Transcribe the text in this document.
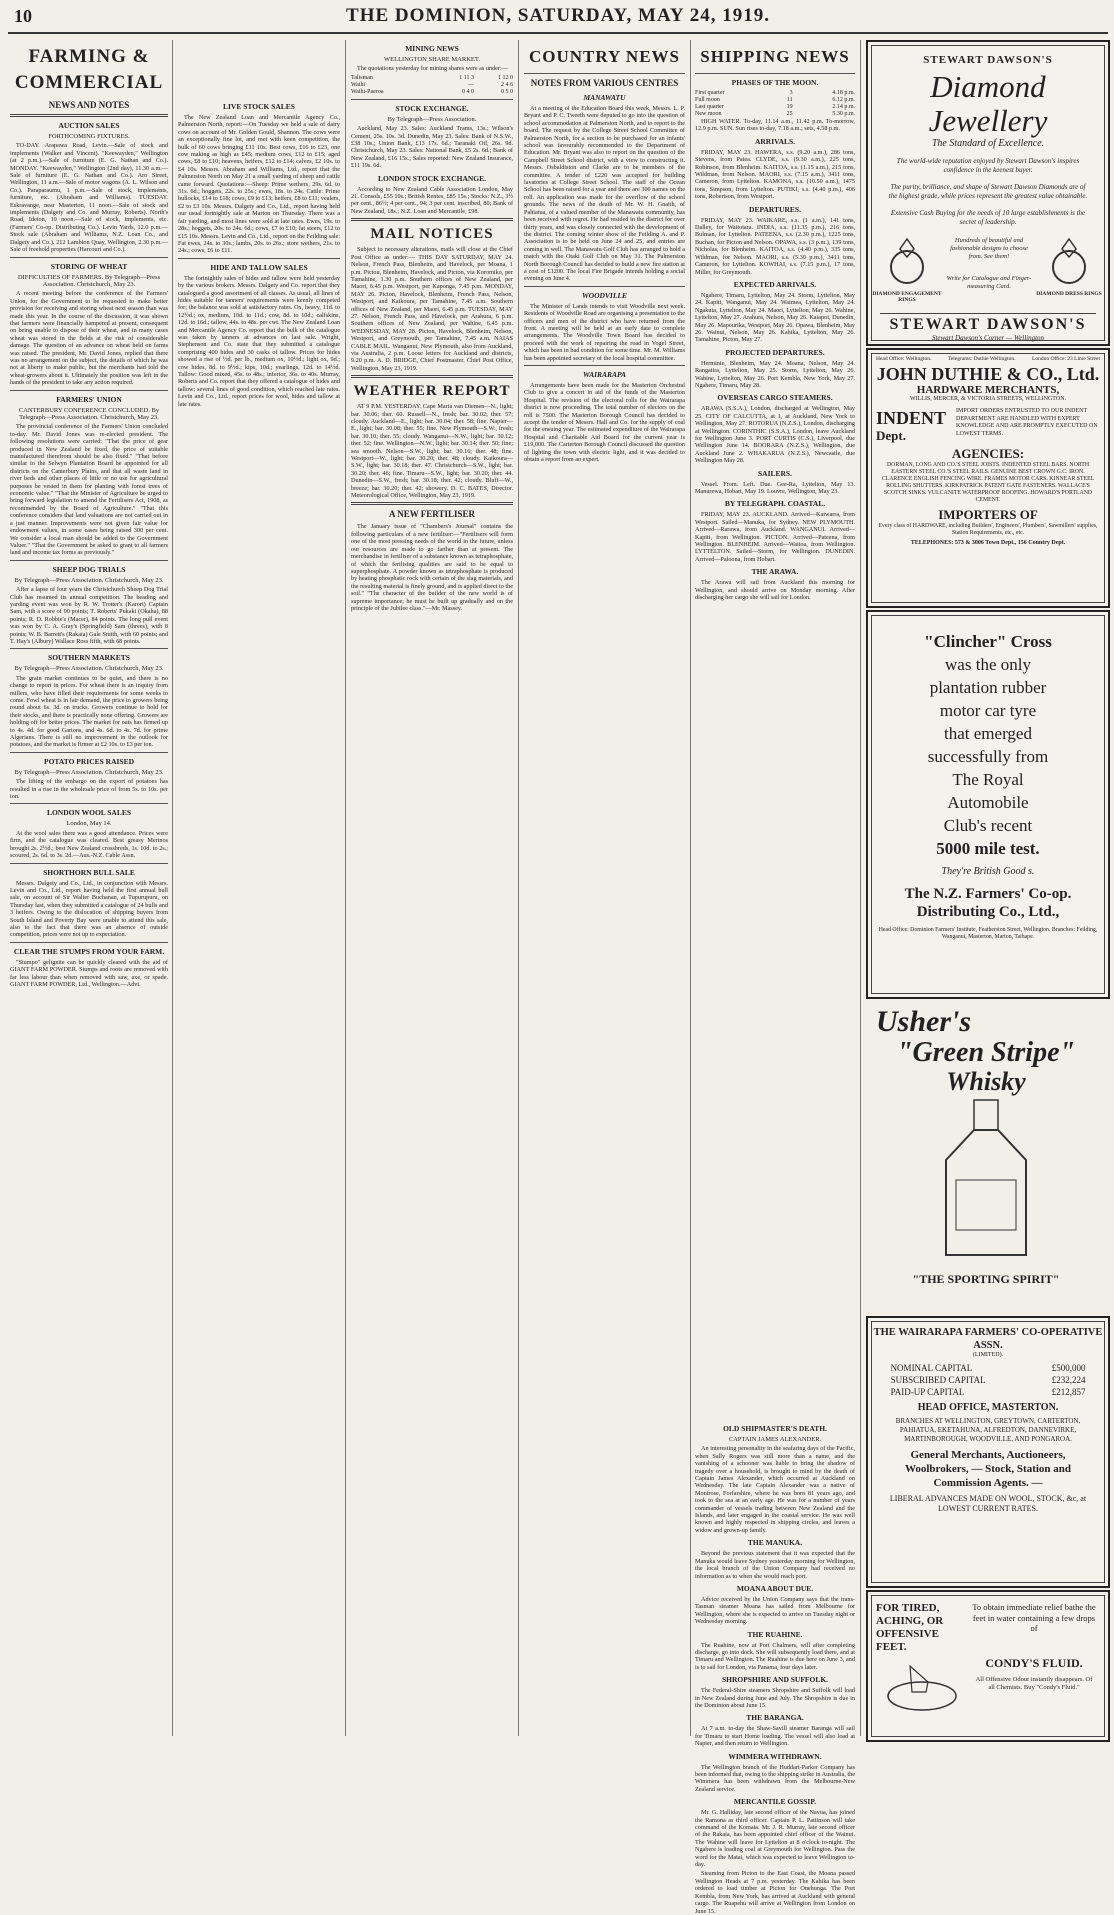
10	THE DOMINION, SATURDAY, MAY 24, 1919.
FARMING & COMMERCIAL
NEWS AND NOTES
AUCTION SALES
FORTHCOMING FIXTURES.

TO-DAY. Arapawa Road, Levin.—Sale of stock and implements (Walker and Vincent). "Keewayden," Wellington (at 2 p.m.).—Sale of furniture (E. G. Nathan and Co.). MONDAY. "Keewayden," Wellington (2nd day), 11.30 a.m.—Sale of furniture (E. G. Nathan and Co.). Aro Street, Wellington, 11 a.m.—Sale of motor wagons (A. L. Wilson and Co.). Paraparaumu, 1 p.m.—Sale of stock, implements, furniture, etc. (Abraham and Williams). TUESDAY. Eskravange, near Masterton, 11 noon.—Sale of stock and implements (Dalgety and Co. and Murray, Roberts). North's Road, Ideton, 10 noon.—Sale of stock, implements, etc. (Farmers' Co-op. Distributing Co.). Levin Yards, 12.0 p.m.—Stock sale (Abraham and Williams, N.Z. Loan Co., and Dalgety and Co.). 212 Lambton Quay, Wellington, 2.30 p.m.—Sale of freehold properties (Harcourt and Co.).

STORING OF WHEAT
DIFFICULTIES OF FARMERS. By Telegraph—Press Association. Christchurch, May 23.

A recent meeting before the conference of the Farmers' Union, for the Government to be requested to make better provision for receiving and storing wheat next season than was made this year. In the course of the discussion, it was shown that farmers were financially hampered at present, consequent on being unable to dispose of their wheat, and in many cases wheat was stored in the fields at the risk of considerable damage. The question of an advance on wheat held on farms was raised. The president, Mr. David Jones, replied that there was no arrangement on the subject, the details of which he was not at liberty to make public, but the merchants had told the wheat-growers about it. Ultimately the position was left in the hands of the president to take any action required.

FARMERS' UNION
CANTERBURY CONFERENCE CONCLUDED. By Telegraph—Press Association. Christchurch, May 23.

The provincial conference of the Farmers' Union concluded to-day. Mr. David Jones was re-elected president. The following resolutions were carried: "That the price of gear produced in New Zealand be fixed, the price of suitable manufactured therefrom should be also fixed." "That before similar to the Selwyn Plantation Board be appointed for all districts on the Canterbury Plains, and that all waste land in river beds and other places of little or no use for agricultural purposes be vested in them for planting with forest trees of economic value." "That the Minister of Agriculture be urged to bring forward legislation to amend the Fertilisers Act, 1908, as recommended by the Board of Agriculture." "That this conference considers that land valuations are not carried out in a just manner. Improvements were not given fair value for endowment values, in some cases being raised 300 per cent. We consider a local man should be added to the Government Valuer." "That the Government be asked to grant to all farmers land and income tax forms as previously."

SHEEP DOG TRIALS
By Telegraph—Press Association. Christchurch, May 23.

After a lapse of four years the Christchurch Sheep Dog Trial Club has resumed its annual competition. The heading and yarding event was won by R. W. Trotter's (Karori) Captain Sam, with a score of 90 points; T. Roberts' Pukaki (Okaha), 88 points; R. D. Robbie's (Macer), 84 points. The long pull event was won by C. A. Gray's (Springfield) Sam (threes), with 8 points; W. B. Barrett's (Rakaia) Gale Smith, with 60 points; and T. Hay's (Albury) Wallace Ross fifth, with 68 points.

SOUTHERN MARKETS
By Telegraph—Press Association. Christchurch, May 23.

The grain market continues to be quiet, and there is no change to report in prices. For wheat there is an inquiry from millers, who have filled their requirements for some weeks to come. Fowl wheat is in fair demand, the price to growers being round about 6s. 3d. on trucks. Growers continue to hold for their stocks, and there is practically none offering. Growers are holding off for better prices. The market for oats has firmed up to 4s. 4d. for good Gartons, and 4s. 6d. to 4s. 7d. for prime Algerians. There is still no improvement in the outlook for potatoes, and the market is firmer at £2 10s. to £3 per ton.

POTATO PRICES RAISED
By Telegraph—Press Association. Christchurch, May 23.

The lifting of the embargo on the export of potatoes has resulted in a rise in the wholesale price of from 5s. to 10s. per ton.

LONDON WOOL SALES
London, May 14.

At the wool sales there was a good attendance. Prices were firm, and the catalogue was cleared. Best greasy Merinos brought 2s. 2½d.; best New Zealand crossbreds, 1s. 10d. to 2s.; scoured, 2s. 6d. to 3s. 2d.—Aus.-N.Z. Cable Assn.

SHORTHORN BULL SALE

Messrs. Dalgety and Co., Ltd., in conjunction with Messrs. Levin and Co., Ltd., report having held the first annual bull sale, on account of Sir Walter Buchanan, at Tupurupuru, on Thursday last, when they submitted a catalogue of 24 bulls and 3 heifers. Owing to the dislocation of shipping buyers from South Island and Poverty Bay were unable to attend this sale, also to the fact that there was an absence of outside competition, prices were not up to expectation.

CLEAR THE STUMPS FROM YOUR FARM.

"Stumpo" gelignite can be quickly cleared with the aid of GIANT FARM POWDER. Stumps and roots are removed with far less labour than when removed with saw, axe, or spade. GIANT FARM POWDER, Ltd., Wellington.—Advt.

LIVE STOCK SALES

The New Zealand Loan and Mercantile Agency Co., Palmerston North, report:—On Tuesday we held a sale of dairy cows on account of Mr. Golden Gould, Shannon. The cows were an exceptionally fine lot, and met with keen competition, the bulk of 60 cows bringing £11 10s. Best cows, £16 to £23, one cow making as high as £45; medium cows, £12 to £15; aged cows, £8 to £10; heavens, heifers, £12 to £14; calves, £2 10s. to £4 10s. Messrs. Abraham and Williams, Ltd., report that the Palmerston North on May 21 a small yarding of sheep and cattle came forward. Quotations:—Sheep: Prime wethers, 29s. 6d. to 31s. 6d.; hoggets, 22s. to 25s.; ewes, 18s. to 24s. Cattle: Prime bullocks, £14 to £18; cows, £9 to £13; heifers, £8 to £11; vealers, £2 to £3 10s. Messrs. Dalgety and Co., Ltd., report having held our usual fortnightly sale at Marton on Thursday. There was a fair yarding, and most lines were sold at late rates. Ewes, 19s. to 28s.; hoggets, 20s. to 24s. 6d.; cows, £7 to £10; fat steers, £12 to £15 10s. Messrs. Levin and Co., Ltd., report on the Feilding sale: Fat ewes, 24s. to 30s.; lambs, 20s. to 26s.; store wethers, 21s. to 24s.; cows, £6 to £11.

HIDE AND TALLOW SALES

The fortnightly sales of hides and tallow were held yesterday by the various brokers. Messrs. Dalgety and Co. report that they catalogued a good assortment of all classes. As usual, all lines of hides suitable for tanners' requirements were keenly competed for; the balance was sold at satisfactory rates. Ox, heavy, 11d. to 12½d.; ox, medium, 10d. to 11d.; cow, 8d. to 10d.; calfskins, 12d. to 16d.; tallow, 44s. to 48s. per cwt. The New Zealand Loan and Mercantile Agency Co. report that the bulk of the catalogue was taken by tanners at advances on last sale. Wright, Stephenson and Co. state that they submitted a catalogue comprising 400 hides and 30 casks of tallow. Prices for hides showed a rise of ½d. per lb., medium ox, 10½d.; light ox, 9d.; cow hides, 8d. to 9½d.; kips, 10d.; yearlings, 12d. to 14½d. Tallow: Good mixed, 45s. to 48s.; inferior, 36s. to 40s. Murray, Roberts and Co. report that they offered a catalogue of hides and tallow; several lines of good condition, which reached late rates. Levin and Co., Ltd., report prices for wool, hides and tallow at late rates.

MINING NEWS
WELLINGTON SHARE MARKET.

The quotations yesterday for mining shares were as under:—

Talisman	1 11 3	1 12 0
Waihi	—	2 4 6
Waihi-Paeroa	0 4 0	0 5 0
STOCK EXCHANGE.
By Telegraph—Press Association.

Auckland, May 23. Sales: Auckland Trams, 13s.; Wilson's Cement, 25s. 10s. 3d. Dunedin, May 23. Sales: Bank of N.S.W., £38 10s.; Union Bank, £13 17s. 6d.; Taranaki Oil, 26s. 9d. Christchurch, May 23. Sales: National Bank, £5 2s. 6d.; Bank of New Zealand, £16 15s.; Sales reported: New Zealand Insurance, £11 19s. 6d.

LONDON STOCK EXCHANGE.

According to New Zealand Cable Association London, May 21. Consols, £55 10s.; British Rentes, £85 15s.; Stocks: N.Z., 3½ per cent., 86½; 4 per cent., 94; 3 per cent. inscribed, 80; Bank of New Zealand, 18s.; N.Z. Loan and Mercantile, £98.

MAIL NOTICES

Subject to necessary alterations, mails will close at the Chief Post Office as under:— THIS DAY SATURDAY, MAY 24. Nelson, French Pass, Blenheim, and Havelock, per Moana, 1 p.m. Pictou, Blenheim, Havelock, and Picton, via Koromiko, per Tamahine, 1.30 p.m. Southern offices of New Zealand, per Maori, 6.45 p.m. Westport, per Kaponga, 7.45 p.m. MONDAY, MAY 26. Picton, Havelock, Blenheim, French Pass, Nelson, Westport, and Kaikoura, per Tamahine, 7.45 a.m. Southern offices of New Zealand, per Maori, 6.45 p.m. TUESDAY, MAY 27. Nelson, French Pass, and Havelock, per Arahura, 6 p.m. Southern offices of New Zealand, per Wahine, 6.45 p.m. WEDNESDAY, MAY 28. Picton, Havelock, Blenheim, Nelson, Westport, and Greymouth, per Tamahine, 7.45 a.m. NAIAS CABLE MAIL. Wanganui, New Plymouth, also from Auckland, via Australia, 2 p.m. Loose letters for Auckland and districts, 9.20 p.m. A. D. BRIDGE, Chief Postmaster. Chief Post Office, Wellington, May 23, 1919.

WEATHER REPORT

AT 9 P.M. YESTERDAY. Cape Maria van Diemen—N., light; bar. 30.06; ther. 60. Russell—N., fresh; bar. 30.02; ther. 57; cloudy. Auckland—E., light; bar. 30.04; ther. 58; fine. Napier—E., light; bar. 30.08; ther. 55; fine. New Plymouth—S.W., fresh; bar. 30.10; ther. 55; cloudy. Wanganui—N.W., light; bar. 30.12; ther. 52; fine. Wellington—N.W., light; bar. 30.14; ther. 50; fine; sea smooth. Nelson—S.W., light; bar. 30.16; ther. 48; fine. Westport—W., light; bar. 30.20; ther. 48; cloudy. Kaikoura—S.W., light; bar. 30.18; ther. 47. Christchurch—S.W., light; bar. 30.20; ther. 46; fine. Timaru—S.W., light; bar. 30.20; ther. 44. Dunedin—S.W., fresh; bar. 30.18; ther. 42; cloudy. Bluff—W., breeze; bar. 30.20; ther. 42; showery. D. C. BATES, Director. Meteorological Office, Wellington, May 23, 1919.

A NEW FERTILISER

The January issue of "Chambers's Journal" contains the following particulars of a new fertiliser:—"Fertilisers will form one of the most pressing needs of the world in the future, unless our resources are made to go farther than at present. The merchandise in fertiliser of a substance known as tetraphosphate, of which the ferilising qualities are said to be equal to superphosphate. A powder known as tetraphosphate is produced by heating phosphatic rock with certain of the slag materials, and the resulting material is finely ground, and is applied direct to the soil." "The character of the builder of the new world is of supreme importance; he must be built up gradually and on the principle of the Jubilee class."—Mr. Massey.

COUNTRY NEWS
NOTES FROM VARIOUS CENTRES
MANAWATU

At a meeting of the Education Board this week, Messrs. L. P. Bryant and P. C. Tweeth were deputed to go into the question of school accommodation at Palmerston North, and to report to the board. The request by the College Street School Committee of Palmerston North, for a section to be purchased for an infants' school was favourably recommended to the Department of Education. Mr. Bryant was also to report on the question of the Campbell Street School district, with a view to constructing it. Messrs. Osbaldiston and Clarke are to be members of the committee. A tender of £220 was accepted for building lavatories at College Street School. The staff of the Ocean School has been raised for a year and there are 300 names on the roll. An application was made for the overflow of the school grounds. The news of the death of Mr. W. H. Gnaith, of Pahiatua, of a valued member of the Manawatu community, has been received with regret. He had resided in the district for over thirty years, and was closely connected with the development of the district. The coming winter show of the Feilding A. and P. Association is to be held on June 24 and 25, and entries are coming in well. The Manawatu Golf Club has arranged to hold a match with the Otaki Golf Club on May 31. The Palmerston North Borough Council has decided to build a new fire station at a cost of £1200. The local Fire Brigade intends holding a social evening on June 4.

WOODVILLE

The Minister of Lands intends to visit Woodville next week. Residents of Woodville Road are organising a presentation to the officers and men of the district who have returned from the front. A meeting will be held at an early date to complete arrangements. The Woodville Town Board has decided to proceed with the work of repairing the road in Vogel Street, which has been in bad condition for some time. Mr. M. Williams has been appointed secretary of the local hospital committee.

WAIRARAPA

Arrangements have been made for the Masterton Orchestral Club to give a concert in aid of the funds of the Masterton Hospital. The revision of the electoral rolls for the Wairarapa district is now proceeding. The total number of electors on the roll is 7500. The Masterton Borough Council has decided to accept the tender of Messrs. Hall and Co. for the supply of coal for the ensuing year. The estimated expenditure of the Wairarapa Hospital and Charitable Aid Board for the current year is £19,000. The Carterton Borough Council discussed the question of lighting the town with electric light, and it was decided to obtain a report from an expert.

SHIPPING NEWS
PHASES OF THE MOON.
First quarter	3	4.18 p.m.
Full moon	11	6.12 p.m.
Last quarter	19	2.14 p.m.
New moon	25	5.30 p.m.

HIGH WATER. To-day, 11.14 a.m., 11.42 p.m. To-morrow, 12.9 p.m. SUN. Sun rises to-day, 7.18 a.m.; sets, 4.58 p.m.

ARRIVALS.

FRIDAY, MAY 23. HAWERA, s.s. (9.20 a.m.), 286 tons, Stevens, from Patea. CLYDE, s.s. (9.30 a.m.), 225 tons, Robinson, from Blenheim. KAITOA, s.s. (1.15 a.m.), 215 tons, Wildman, from Nelson. MAORI, s.s. (7.15 a.m.), 3411 tons, Cameron, from Lyttelton. KAMONA, s.s. (10.50 a.m.), 1475 tons, Simpson, from Lyttelton. PUTIKI, s.s. (4.40 p.m.), 406 tons, Robertson, from Westport.

DEPARTURES.

FRIDAY, MAY 23. WAIKARE, s.s. (1 a.m.), 141 tons, Dalley, for Waitotara. INDIA, s.s. (11.35 p.m.), 216 tons, Bulman, for Lyttelton. PATEENA, s.s. (2.30 p.m.), 1225 tons, Buchan, for Picton and Nelson. OPAWA, s.s. (3 p.m.), 139 tons, Nicholas, for Blenheim. KAITOA, s.s. (4.40 p.m.), 335 tons, Wildman, for Nelson. MAORI, s.s. (5.30 p.m.), 3411 tons, Cameron, for Lyttelton. KOWHAI, s.s. (7.15 p.m.), 17 tons, Miller, for Greymouth.

EXPECTED ARRIVALS.

Ngahere, Timaru, Lyttelton, May 24. Storm, Lyttelton, May 24. Kapiti, Wanganui, May 24. Waimea, Lyttelton, May 24. Ngakuta, Lyttelton, May 24. Maori, Lyttelton, May 26. Wahine, Lyttelton, May 27. Arahura, Nelson, May 26. Kaiapoi, Dunedin, May 26. Mapourika, Westport, May 26. Opawa, Blenheim, May 26. Wainui, Nelson, May 26. Kahika, Lyttelton, May 26. Tamahine, Picton, May 27.

PROJECTED DEPARTURES.

Herminie, Blenheim, May 24. Moana, Nelson, May 24. Rangatira, Lyttelton, May 25. Storm, Lyttelton, May 26. Wahine, Lyttelton, May 26. Port Kembla, New York, May 27. Ngahere, Timaru, May 28.

OVERSEAS CARGO STEAMERS.

ARAWA (S.S.A.), London, discharged at Wellington, May 25. CITY OF CALCUTTA, at 1, at Auckland, New York to Wellington, May 27. ROTORUA (N.Z.S.), London, discharging at Wellington. CORINTHIC (S.S.A.), London, leave Auckland for Wellington June 3. PORT CURTIS (C.S.), Liverpool, due Wellington June 14. BOORARA (N.Z.S.), Wellington, due Auckland June 2. WHAKARUA (N.Z.S.), Newcastle, due Wellington May 28.

SAILERS.

Vessel. From. Left. Due. Gee-Ra, Lyttelton, May 13. Manurewa, Hobart, May 19. Louvre, Wellington, May 23.

BY TELEGRAPH. COASTAL.

FRIDAY, MAY 23. AUCKLAND. Arrived—Kaiwarra, from Westport. Sailed—Manuka, for Sydney. NEW PLYMOUTH. Arrived—Rarawa, from Auckland. WANGANUI. Arrived—Kapiti, from Wellington. PICTON. Arrived—Pateena, from Wellington. BLENHEIM. Arrived—Waitoa, from Wellington. LYTTELTON. Sailed—Storm, for Wellington. DUNEDIN. Arrived—Paloona, from Hobart.

THE ARAWA.

The Arawa will sail from Auckland this morning for Wellington, and should arrive on Monday morning. After discharging her cargo she will sail for London.

STEWART DAWSON'S
Diamond Jewellery
The Standard of Excellence.
The world-wide reputation enjoyed by Stewart Dawson's inspires confidence in the keenest buyer.
The purity, brilliance, and shape of Stewart Dawson Diamonds are of the highest grade, while prices represent the greatest value obtainable.
Extensive Cash Buying for the needs of 10 large establishments is the secret of leadership.
DIAMOND ENGAGEMENT RINGS
Hundreds of beautiful and fashionable designs to choose from. See them!
Write for Catalogue and Finger-measuring Card.
DIAMOND DRESS RINGS
STEWART DAWSON'S
Stewart Dawson's Corner — Wellington
Head Office: Wellington.	Telegrams: Duthie Wellington.	London Office: 23 Lime Street
JOHN DUTHIE & CO., Ltd.
HARDWARE MERCHANTS,
WILLIS, MERCER, & VICTORIA STREETS, WELLINGTON.
INDENT
Dept.
IMPORT ORDERS ENTRUSTED TO OUR INDENT DEPARTMENT ARE HANDLED WITH EXPERT KNOWLEDGE AND ARE PROMPTLY EXECUTED ON LOWEST TERMS.
AGENCIES:
DORMAN, LONG AND CO.'S STEEL JOISTS. INDENTED STEEL BARS. NORTH EASTERN STEEL CO.'S STEEL RAILS. GENUINE BEST CROWN G.C. IRON. CLARENCE ENGLISH FENCING WIRE. FRAMES MOTOR CARS. KINNEAR STEEL ROLLING SHUTTERS. KIRKPATRICK PATENT GATE FASTENERS. WALLACE'S SCOTCH SINKS. VULCANITE WATERPROOF ROOFING. HOWARD'S PORTLAND CEMENT.
IMPORTERS OF
Every class of HARDWARE, including Builders', Engineers', Plumbers', Sawmillers' supplies, Station Requirements, etc., etc.
TELEPHONES: 573 & 3006 Town Dept., 156 Country Dept.
"Clincher" Cross
was the only
plantation rubber
motor car tyre
that emerged
successfully from
The Royal
Automobile
Club's recent
5000 mile test.
They're British Good s.
The N.Z. Farmers' Co-op. Distributing Co., Ltd.,
Head Office: Dominion Farmers' Institute, Featherston Street, Wellington. Branches: Feilding, Wanganui, Masterton, Marton, Taihape.
Usher's
"Green Stripe"
Whisky
"THE SPORTING SPIRIT"
THE WAIRARAPA FARMERS' CO-OPERATIVE ASSN.
(LIMITED).
NOMINAL CAPITAL	£500,000
SUBSCRIBED CAPITAL	£232,224
PAID-UP CAPITAL	£212,857
HEAD OFFICE, MASTERTON.
BRANCHES AT WELLINGTON, GREYTOWN, CARTERTON, PAHIATUA, EKETAHUNA, ALFREDTON, DANNEVIRKE, MARTINBOROUGH, WOODVILLE, AND PONGAROA.
General Merchants, Auctioneers, Woolbrokers, — Stock, Station and Commission Agents. —
LIBERAL ADVANCES MADE ON WOOL, STOCK, &c, at LOWEST CURRENT RATES.
FOR TIRED,
ACHING, OR
OFFENSIVE FEET.
To obtain immediate relief bathe the feet in water containing a few drops of
CONDY'S FLUID.
All Offensive Odour instantly disappears. Of all Chemists. Buy "Condy's Fluid."
OLD SHIPMASTER'S DEATH.
CAPTAIN JAMES ALEXANDER.

An interesting personality in the seafaring days of the Pacific, when Sally Rogers was still more than a name, and the vanishing of a schooner was liable to bring the shadow of tragedy over a household, is brought to mind by the death of Captain James Alexander, which occurred at Auckland on Wednesday. The late Captain Alexander was a native of Montrose, Forfarshire, where he was born 81 years ago, and took to the sea at an early age. He was for a number of years commander of vessels trading between New Zealand and the Islands, and later engaged in the coastal service. He was well known and highly respected in shipping circles, and leaves a widow and grown-up family.

THE MANUKA.

Beyond the previous statement that it was expected that the Manuka would leave Sydney yesterday morning for Wellington, the local branch of the Union Company had received no information as to when she would reach port.

MOANA ABOUT DUE.

Advice received by the Union Company says that the trans-Tasman steamer Moana has sailed from Melbourne for Wellington, where she is expected to arrive on Tuesday night or Wednesday morning.

THE RUAHINE.

The Ruahine, now at Port Chalmers, will after completing discharge, go into dock. She will subsequently load there, and at Timaru and Wellington. The Ruahine is due here on June 3, and is to sail for London, via Panama, four days later.

SHROPSHIRE AND SUFFOLK.

The Federal-Shire steamers Shropshire and Suffolk will load in New Zealand during June and July. The Shropshire is due in the Dominion about June 15.

THE BARANGA.

At 7 a.m. to-day the Shaw-Savill steamer Baranga will sail for Timaru to start Home loading. The vessel will also load at Napier, and then return to Wellington.

WIMMERA WITHDRAWN.

The Wellington branch of the Huddart-Parker Company has been informed that, owing to the shipping strike in Australia, the Wimmera has been withdrawn from the Melbourne-New Zealand service.

MERCANTILE GOSSIP.

Mr. G. Halliday, late second officer of the Navua, has joined the Ramona as third officer. Captain P. L. Pattinson will take command of the Komata. Mr. J. R. Murray, late second officer of the Rakaia, has been appointed chief officer of the Wainui. The Wahine will leave for Lyttelton at 8 o'clock to-night. The Ngahere is loading coal at Greymouth for Wellington. Pass the word for the Matai, which was expected to leave Wellington to-day.

Steaming from Picton to the East Coast, the Moana passed Wellington Heads at 7 p.m. yesterday. The Kahika has been ordered to load timber at Picton for Onehunga. The Port Kembla, from New York, has arrived at Auckland with general cargo. The Ruapehu will arrive at Wellington from London on June 15.
